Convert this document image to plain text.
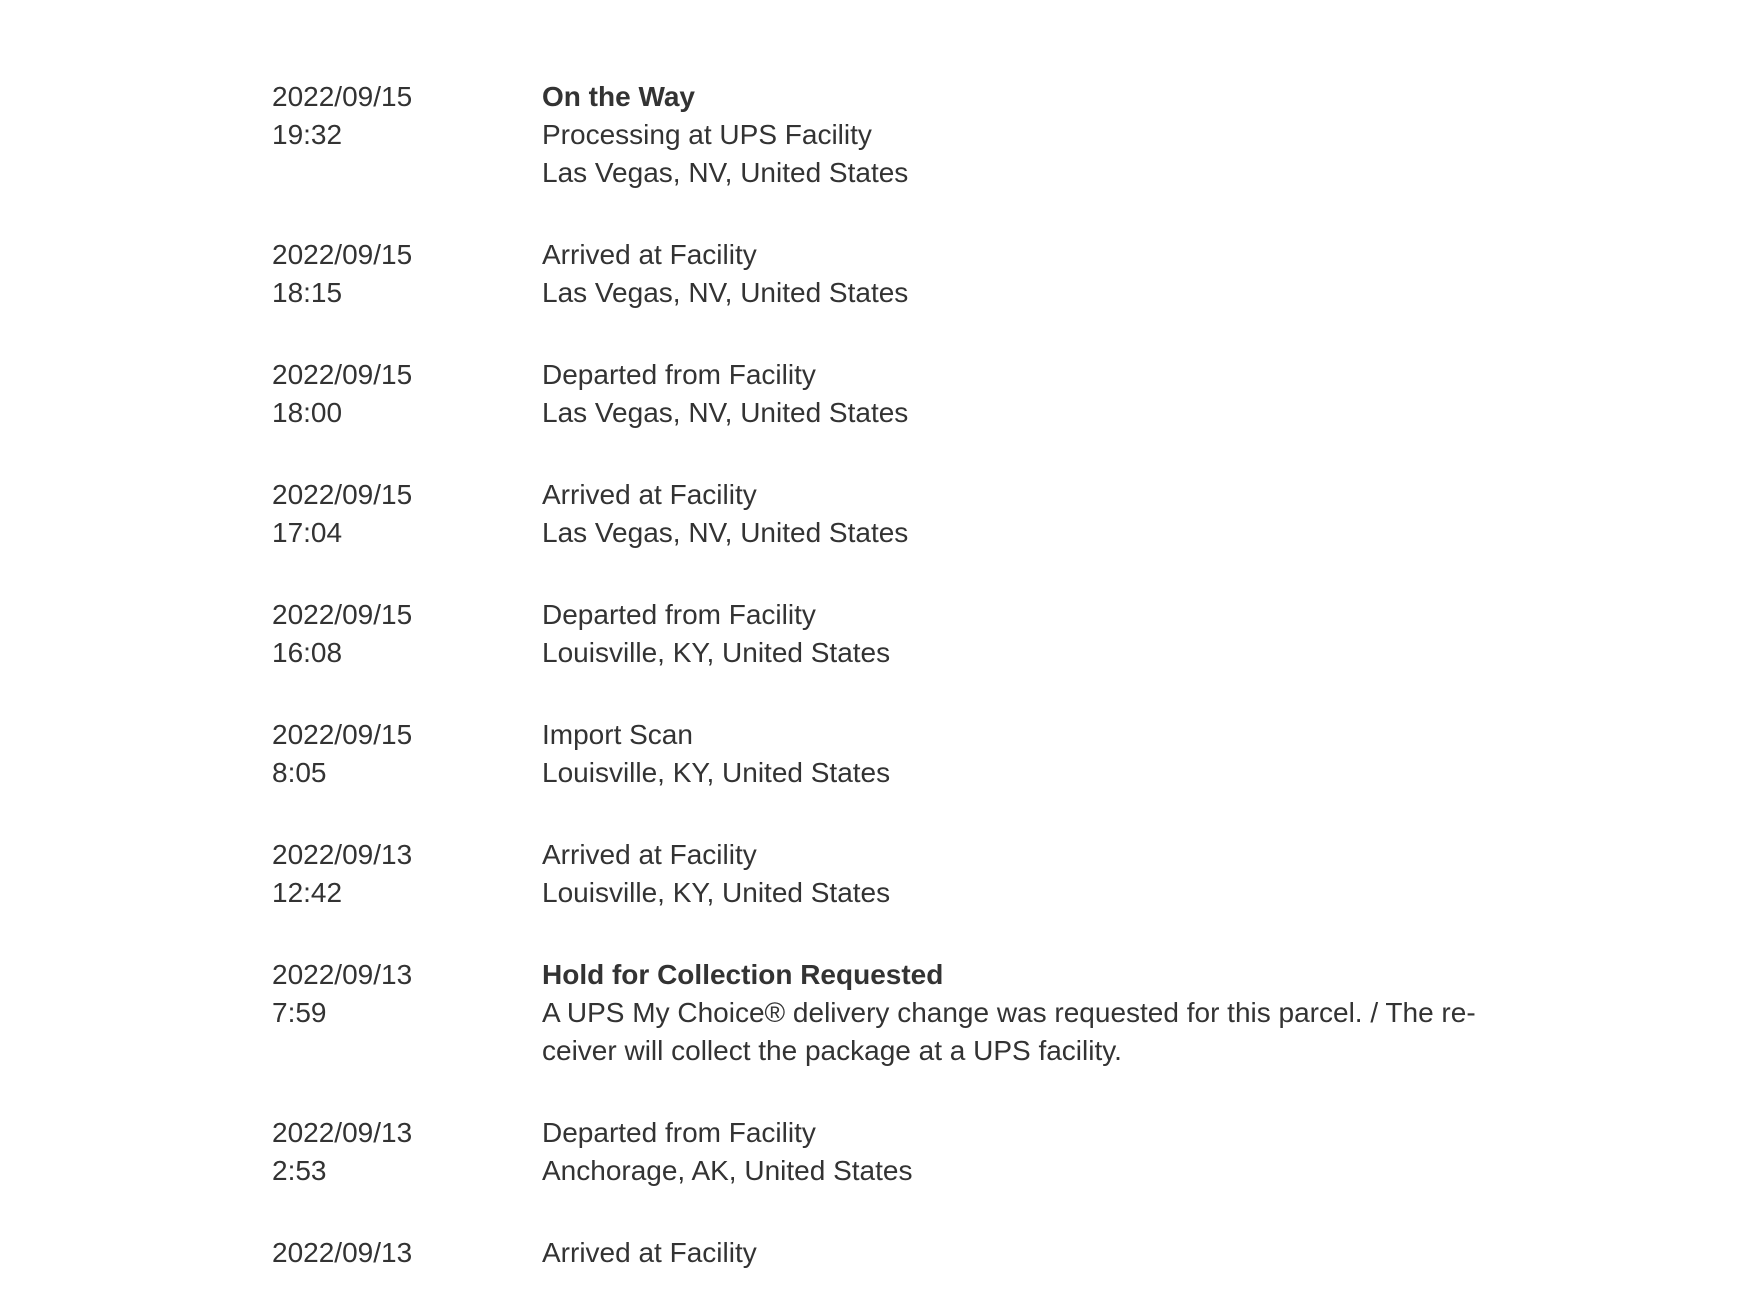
2022/09/15
19:32
On the Way
Processing at UPS Facility
Las Vegas, NV, United States
2022/09/15
18:15
Arrived at Facility
Las Vegas, NV, United States
2022/09/15
18:00
Departed from Facility
Las Vegas, NV, United States
2022/09/15
17:04
Arrived at Facility
Las Vegas, NV, United States
2022/09/15
16:08
Departed from Facility
Louisville, KY, United States
2022/09/15
8:05
Import Scan
Louisville, KY, United States
2022/09/13
12:42
Arrived at Facility
Louisville, KY, United States
2022/09/13
7:59
Hold for Collection Requested
A UPS My Choice® delivery change was requested for this parcel. / The re-ceiver will collect the package at a UPS facility.
2022/09/13
2:53
Departed from Facility
Anchorage, AK, United States
2022/09/13	Arrived at Facility
